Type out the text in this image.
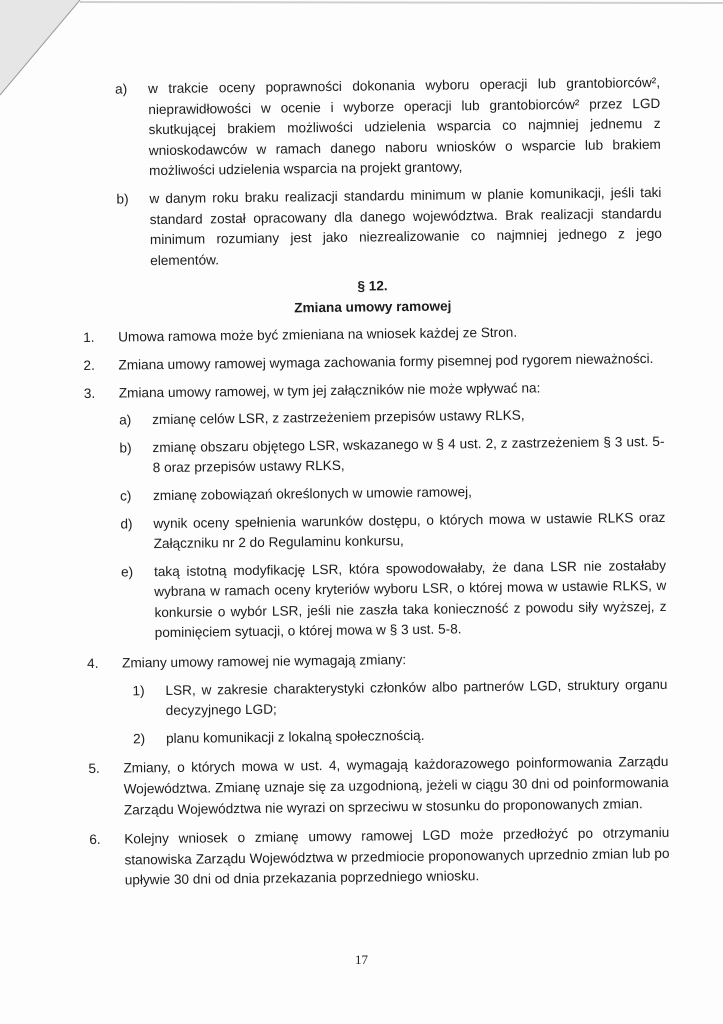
a) w trakcie oceny poprawności dokonania wyboru operacji lub grantobiorców², nieprawidłowości w ocenie i wyborze operacji lub grantobiorców² przez LGD skutkującej brakiem możliwości udzielenia wsparcia co najmniej jednemu z wnioskodawców w ramach danego naboru wniosków o wsparcie lub brakiem możliwości udzielenia wsparcia na projekt grantowy,
b) w danym roku braku realizacji standardu minimum w planie komunikacji, jeśli taki standard został opracowany dla danego województwa. Brak realizacji standardu minimum rozumiany jest jako niezrealizowanie co najmniej jednego z jego elementów.
§ 12.
Zmiana umowy ramowej
1. Umowa ramowa może być zmieniana na wniosek każdej ze Stron.
2. Zmiana umowy ramowej wymaga zachowania formy pisemnej pod rygorem nieważności.
3. Zmiana umowy ramowej, w tym jej załączników nie może wpływać na:
a) zmianę celów LSR, z zastrzeżeniem przepisów ustawy RLKS,
b) zmianę obszaru objętego LSR, wskazanego w § 4 ust. 2, z zastrzeżeniem § 3 ust. 5-8 oraz przepisów ustawy RLKS,
c) zmianę zobowiązań określonych w umowie ramowej,
d) wynik oceny spełnienia warunków dostępu, o których mowa w ustawie RLKS oraz Załączniku nr 2 do Regulaminu konkursu,
e) taką istotną modyfikację LSR, która spowodowałaby, że dana LSR nie zostałaby wybrana w ramach oceny kryteriów wyboru LSR, o której mowa w ustawie RLKS, w konkursie o wybór LSR, jeśli nie zaszła taka konieczność z powodu siły wyższej, z pominięciem sytuacji, o której mowa w § 3 ust. 5-8.
4. Zmiany umowy ramowej nie wymagają zmiany:
1) LSR, w zakresie charakterystyki członków albo partnerów LGD, struktury organu decyzyjnego LGD;
2) planu komunikacji z lokalną społecznością.
5. Zmiany, o których mowa w ust. 4, wymagają każdorazowego poinformowania Zarządu Województwa. Zmianę uznaje się za uzgodnioną, jeżeli w ciągu 30 dni od poinformowania Zarządu Województwa nie wyrazi on sprzeciwu w stosunku do proponowanych zmian.
6. Kolejny wniosek o zmianę umowy ramowej LGD może przedłożyć po otrzymaniu stanowiska Zarządu Województwa w przedmiocie proponowanych uprzednio zmian lub po upływie 30 dni od dnia przekazania poprzedniego wniosku.
17
